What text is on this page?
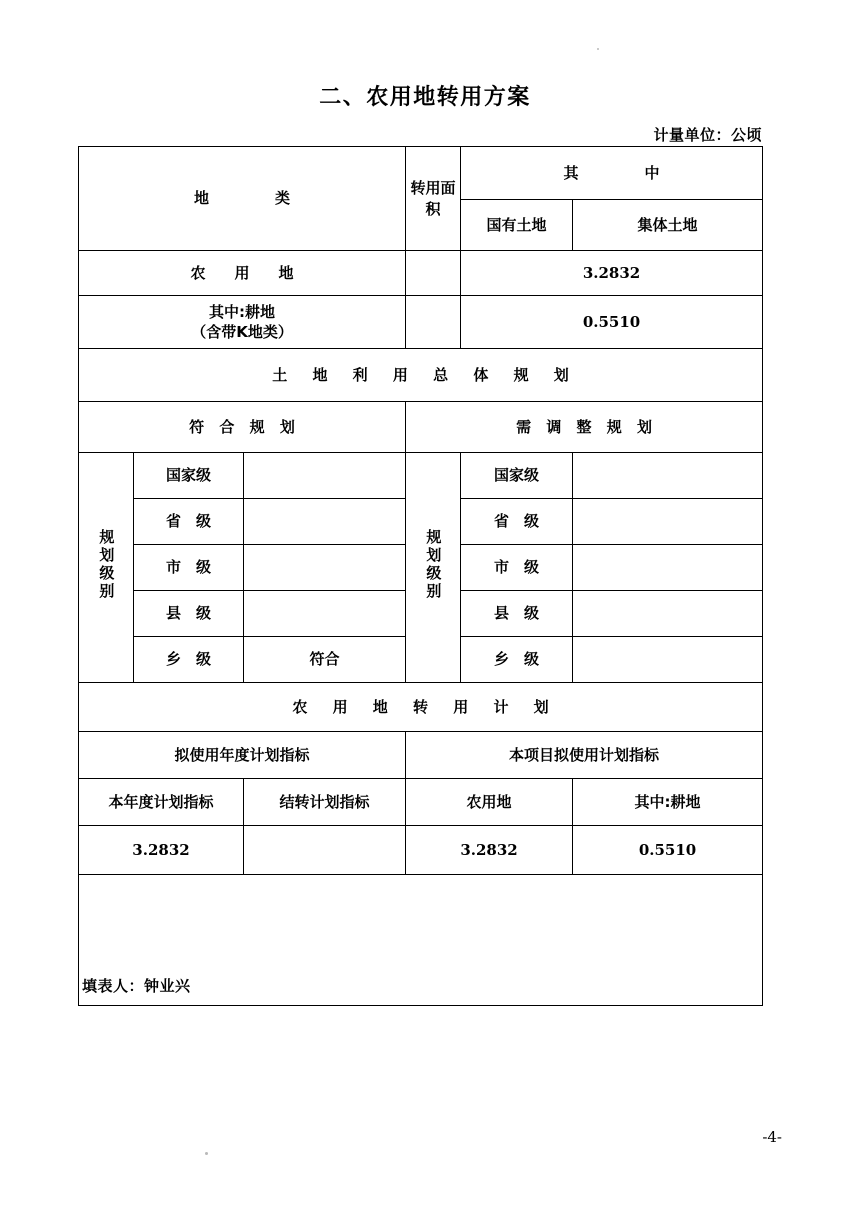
二、农用地转用方案
计量单位：公顷
地　　类			转用面积	其　　中	
				国有土地	集体土地
农　用　地				3.2832	

其中:耕地
（含带K地类）				0.5510	
土 地 利 用 总 体 规 划					
符 合 规 划			需 调 整 规 划		
规划级别	国家级		规划级别	国家级	
	省　级			省　级	
	市　级			市　级	
	县　级			县　级	
	乡　级	符合		乡　级	
农 用 地 转 用 计 划					
拟使用年度计划指标			本项目拟使用计划指标		
本年度计划指标		结转计划指标	农用地		其中:耕地
3.2832			3.2832		0.5510

填表人：钟业兴
-4-
